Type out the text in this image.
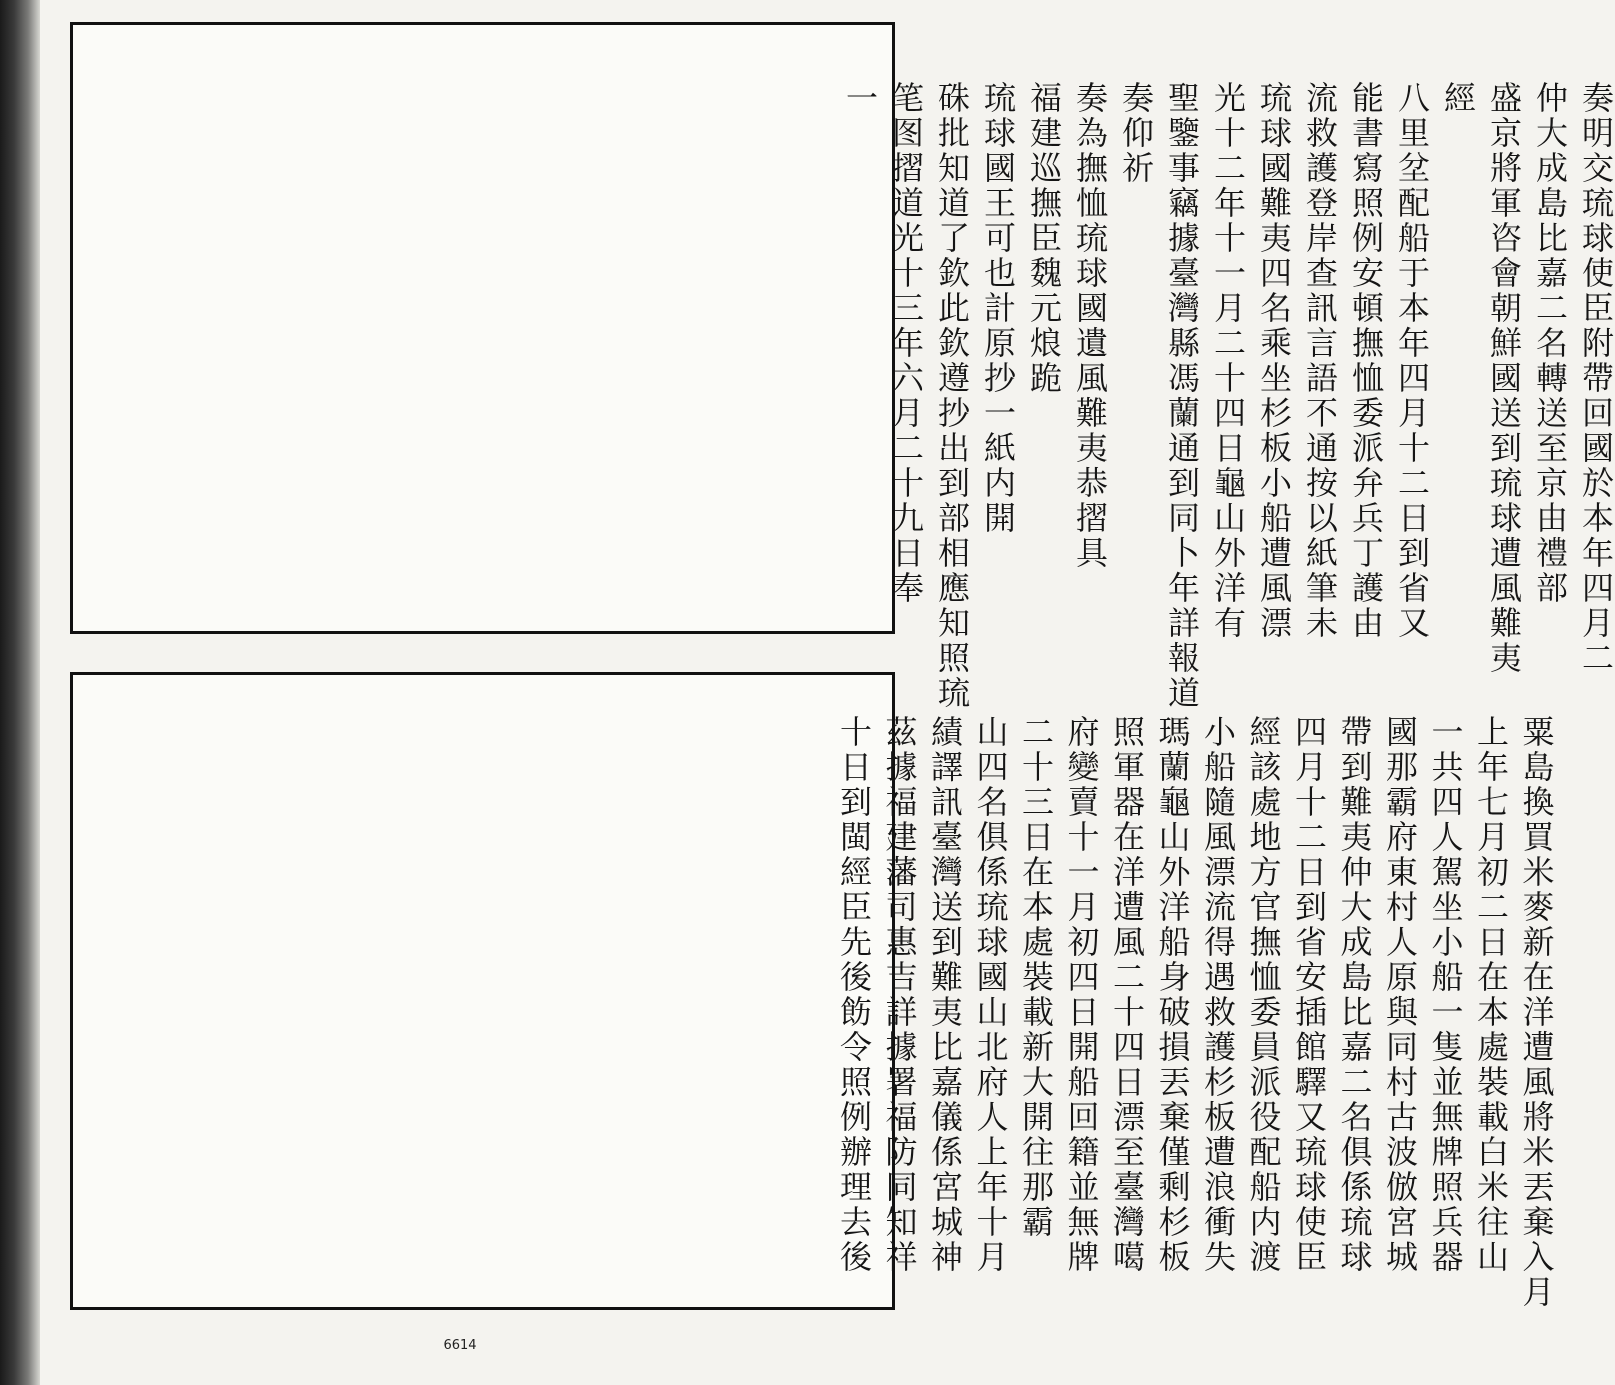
一 笔图摺道光十三年六月二十九日奉 硃批知道了欽此欽遵抄出到部相應知照琉 琉球國王可也計原抄一紙内開 福建巡撫臣魏元烺跪 奏為撫恤琉球國遺風難夷恭摺具 奏仰祈 聖鑒事竊據臺灣縣馮蘭通到同卜年詳報道 光十二年十一月二十四日龜山外洋有 琉球國難夷四名乘坐杉板小船遭風漂 流救護登岸查訊言語不通按以紙筆未 能書寫照例安頓撫恤委派弁兵丁護由 八里坌配船于本年四月十二日到省又 經 盛京將軍咨會朝鮮國送到琉球遭風難夷 仲大成島比嘉二名轉送至京由禮部 奏明交琉球使臣附帶回國於本年四月二
十日到閩經臣先後飭令照例辦理去後 茲據福建藩司惠吉詳據署福防同知祥 績譯訊臺灣送到難夷比嘉儀係宮城神 山四名俱係琉球國山北府人上年十月 二十三日在本處裝載新大開往那霸 府變賣十一月初四日開船回籍並無牌 照軍器在洋遭風二十四日漂至臺灣噶 瑪蘭龜山外洋船身破損丟棄僅剩杉板 小船隨風漂流得遇救護杉板遭浪衝失 經該處地方官撫恤委員派役配船内渡 四月十二日到省安插館驛又琉球使臣 帶到難夷仲大成島比嘉二名俱係琉球 國那霸府東村人原與同村古波倣宮城 一共四人駕坐小船一隻並無牌照兵器 上年七月初二日在本處裝載白米往山 粟島換買米麥新在洋遭風將米丟棄入月
6614
